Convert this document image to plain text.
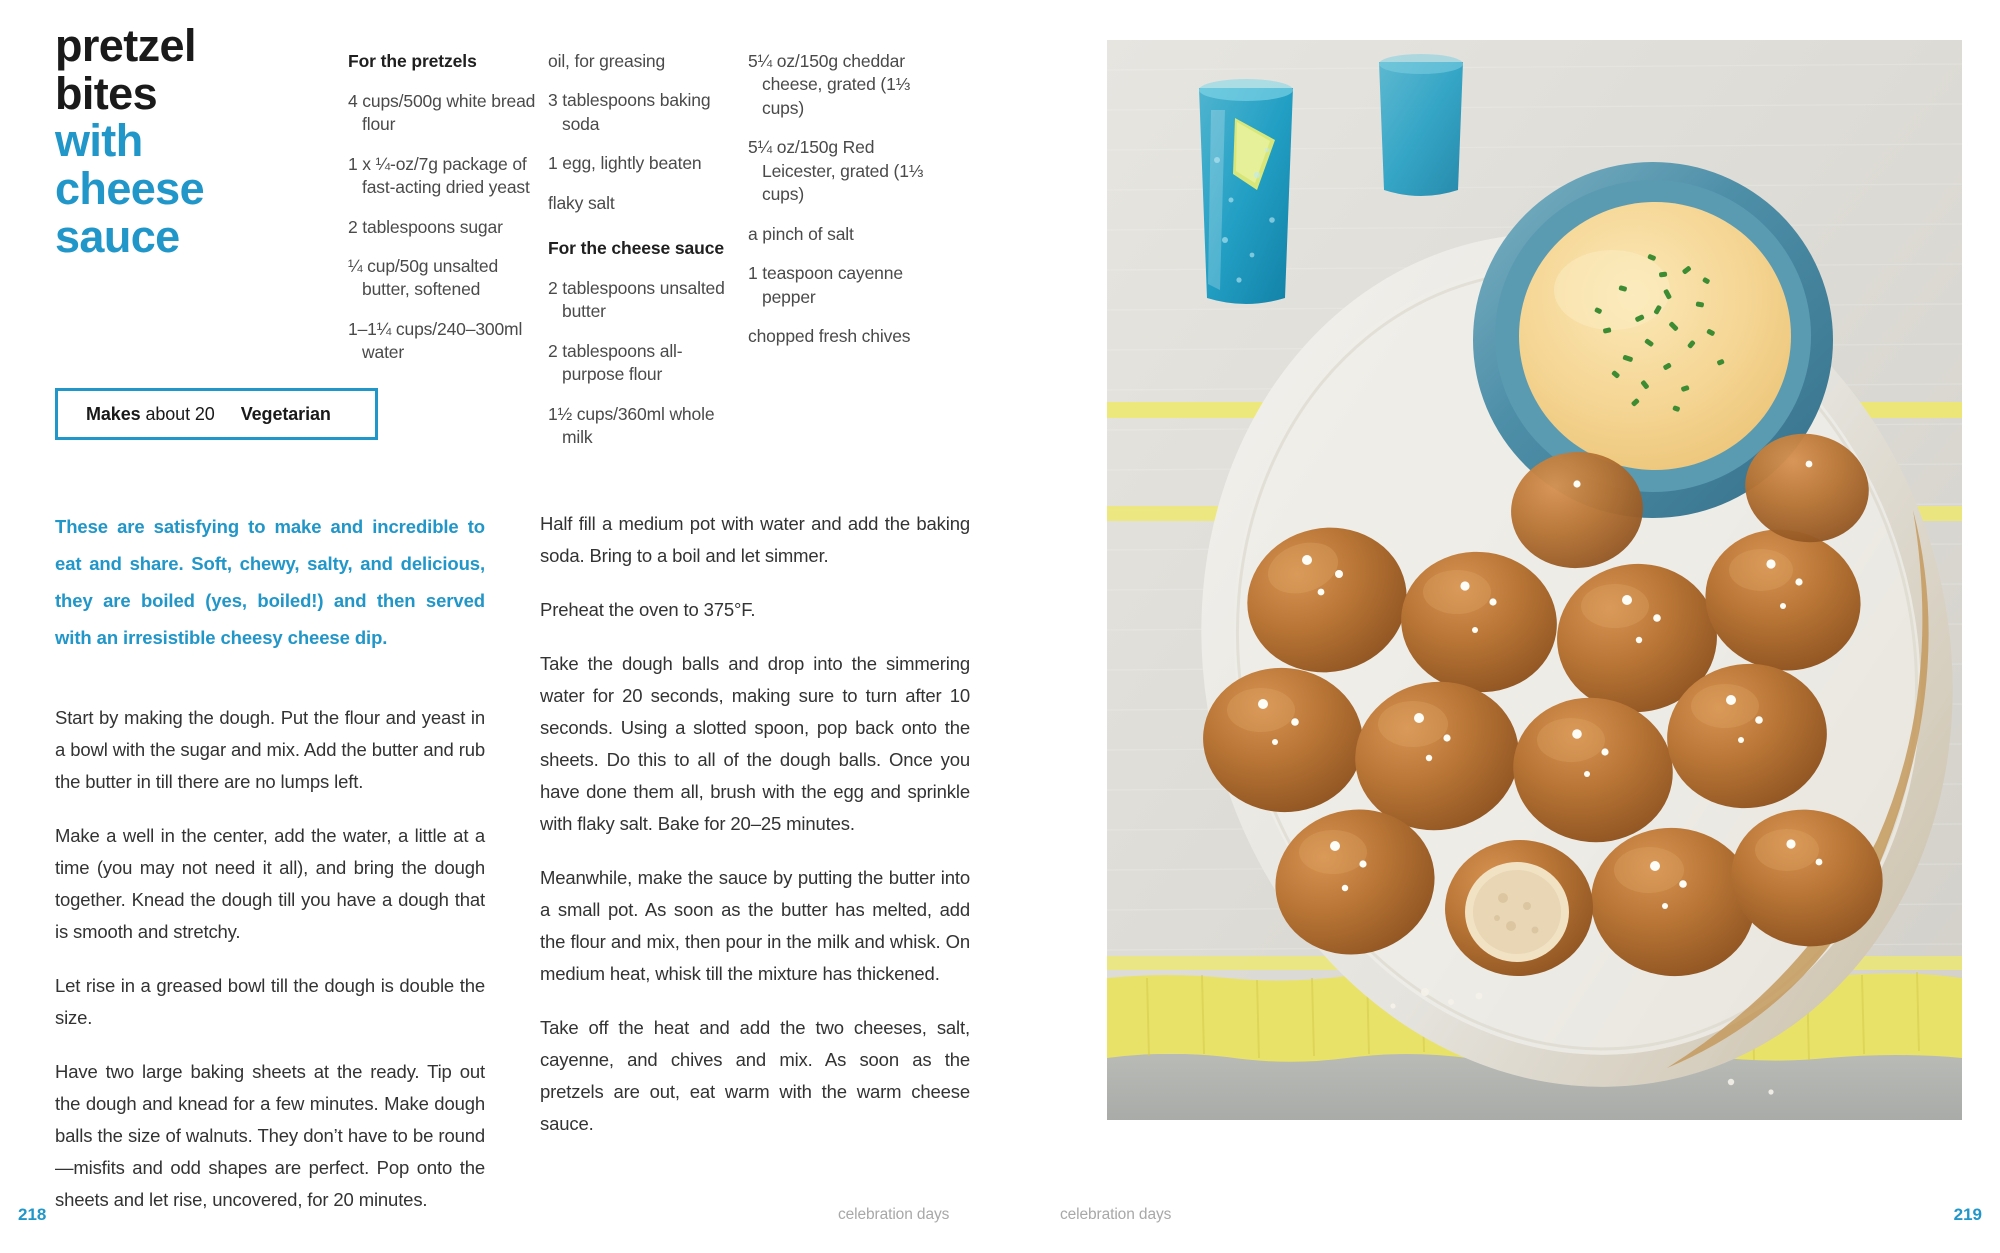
pretzel
bites
with
cheese
sauce
For the pretzels
4 cups/500g white bread flour
1 x ¼-oz/7g package of fast-acting dried yeast
2 tablespoons sugar
¼ cup/50g unsalted butter, softened
1–1¼ cups/240–300ml water
oil, for greasing
3 tablespoons baking soda
1 egg, lightly beaten
flaky salt
For the cheese sauce
2 tablespoons unsalted butter
2 tablespoons all-purpose flour
1½ cups/360ml whole milk
5¼ oz/150g cheddar cheese, grated (1⅓ cups)
5¼ oz/150g Red Leicester, grated (1⅓ cups)
a pinch of salt
1 teaspoon cayenne pepper
chopped fresh chives
Makes about 20 Vegetarian

These are satisfying to make and incredible to eat and share. Soft, chewy, salty, and delicious, they are boiled (yes, boiled!) and then served with an irresistible cheesy cheese dip.

Start by making the dough. Put the flour and yeast in a bowl with the sugar and mix. Add the butter and rub the butter in till there are no lumps left.

Make a well in the center, add the water, a little at a time (you may not need it all), and bring the dough together. Knead the dough till you have a dough that is smooth and stretchy.

Let rise in a greased bowl till the dough is double the size.

Have two large baking sheets at the ready. Tip out the dough and knead for a few minutes. Make dough balls the size of walnuts. They don’t have to be round—misfits and odd shapes are perfect. Pop onto the sheets and let rise, uncovered, for 20 minutes.

Half fill a medium pot with water and add the baking soda. Bring to a boil and let simmer.

Preheat the oven to 375°F.

Take the dough balls and drop into the simmering water for 20 seconds, making sure to turn after 10 seconds. Using a slotted spoon, pop back onto the sheets. Do this to all of the dough balls. Once you have done them all, brush with the egg and sprinkle with flaky salt. Bake for 20–25 minutes.

Meanwhile, make the sauce by putting the butter into a small pot. As soon as the butter has melted, add the flour and mix, then pour in the milk and whisk. On medium heat, whisk till the mixture has thickened.

Take off the heat and add the two cheeses, salt, cayenne, and chives and mix. As soon as the pretzels are out, eat warm with the warm cheese sauce.

218	celebration days	celebration days	219
